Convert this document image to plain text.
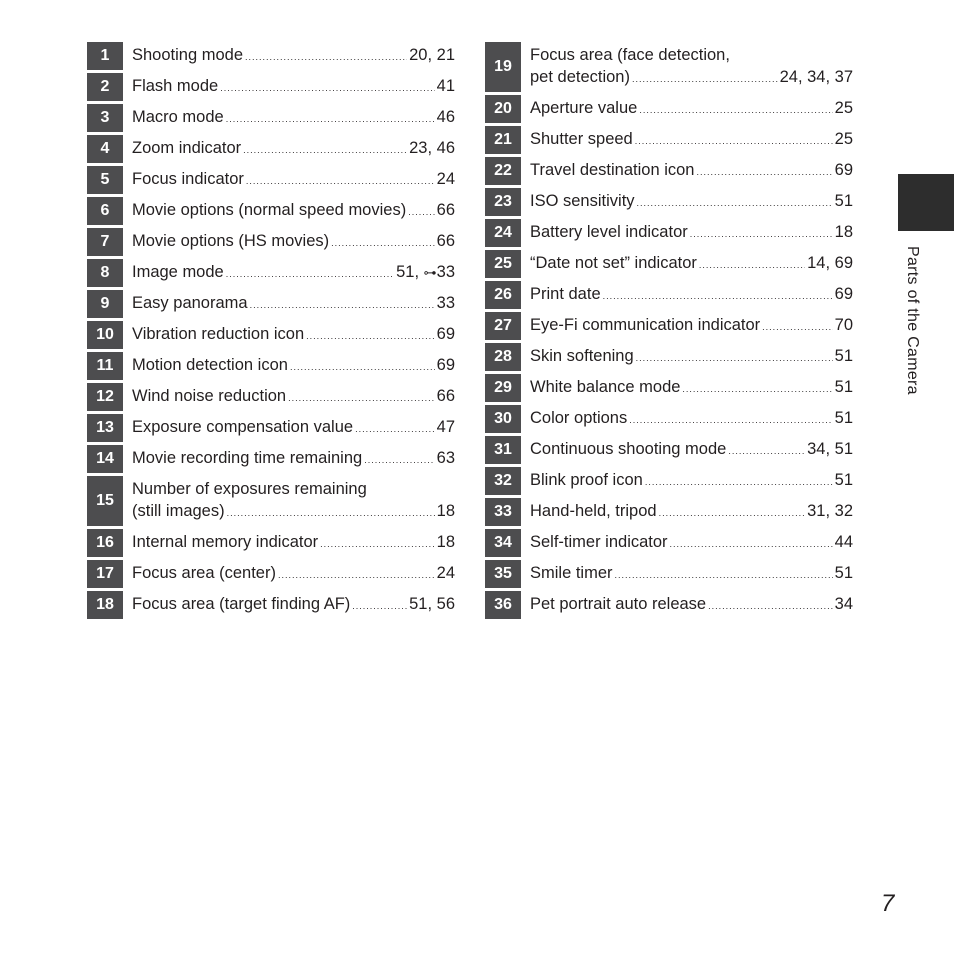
1	Shooting mode .....	20, 21
2	Flash mode .....	41
3	Macro mode .....	46
4	Zoom indicator .....	23, 46
5	Focus indicator .....	24
6	Movie options (normal speed movies) ..... 66
7	Movie options (HS movies) .....	66
8	Image mode .....	51, ⊶33
9	Easy panorama .....	33
10	Vibration reduction icon .....	69
11	Motion detection icon .....	69
12	Wind noise reduction .....	66
13	Exposure compensation value .....	47
14	Movie recording time remaining .....	63
15
Number of exposures remaining
(still images) .....	18
16	Internal memory indicator .....	18
17	Focus area (center) .....	24
18	Focus area (target finding AF) .....	51, 56
19
Focus area (face detection,
pet detection) .....	24, 34, 37
20	Aperture value .....	25
21	Shutter speed .....	25
22	Travel destination icon .....	69
23	ISO sensitivity .....	51
24	Battery level indicator .....	18
25	“Date not set” indicator .....	14, 69
26	Print date .....	69
27	Eye-Fi communication indicator .....	70
28	Skin softening .....	51
29	White balance mode .....	51
30	Color options .....	51
31	Continuous shooting mode .....	34, 51
32	Blink proof icon .....	51
33	Hand-held, tripod .....	31, 32
34	Self-timer indicator .....	44
35	Smile timer .....	51
36	Pet portrait auto release .....	34
Parts of the Camera
7
